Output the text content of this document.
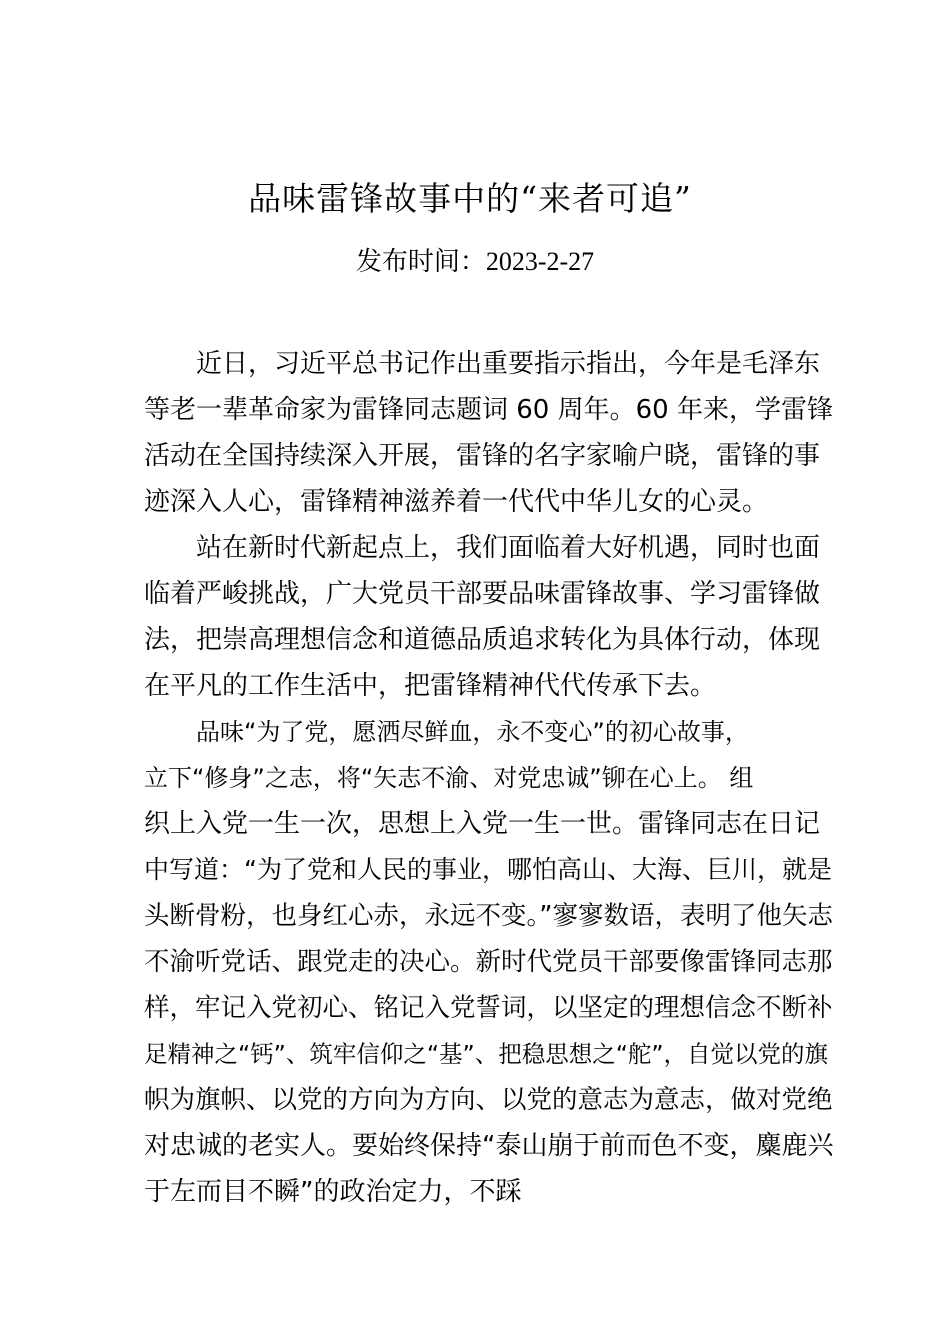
品味雷锋故事中的“来者可追”
发布时间：2023-2-27
近日，习近平总书记作出重要指示指出，今年是毛泽东
等老一辈革命家为雷锋同志题词 60 周年。60 年来，学雷锋
活动在全国持续深入开展，雷锋的名字家喻户晓，雷锋的事
迹深入人心，雷锋精神滋养着一代代中华儿女的心灵。
站在新时代新起点上，我们面临着大好机遇，同时也面
临着严峻挑战，广大党员干部要品味雷锋故事、学习雷锋做
法，把崇高理想信念和道德品质追求转化为具体行动，体现
在平凡的工作生活中，把雷锋精神代代传承下去。
品味“为了党，愿洒尽鲜血，永不变心”的初心故事，
立下“修身”之志，将“矢志不渝、对党忠诚”铆在心上。 组
织上入党一生一次，思想上入党一生一世。雷锋同志在日记
中写道：“为了党和人民的事业，哪怕高山、大海、巨川，就是
头断骨粉，也身红心赤，永远不变。”寥寥数语，表明了他矢志
不渝听党话、跟党走的决心。新时代党员干部要像雷锋同志那
样，牢记入党初心、铭记入党誓词，以坚定的理想信念不断补
足精神之“钙”、筑牢信仰之“基”、把稳思想之“舵”，自觉以党的旗
帜为旗帜、以党的方向为方向、以党的意志为意志，做对党绝
对忠诚的老实人。要始终保持“泰山崩于前而色不变，麋鹿兴
于左而目不瞬”的政治定力，不踩
